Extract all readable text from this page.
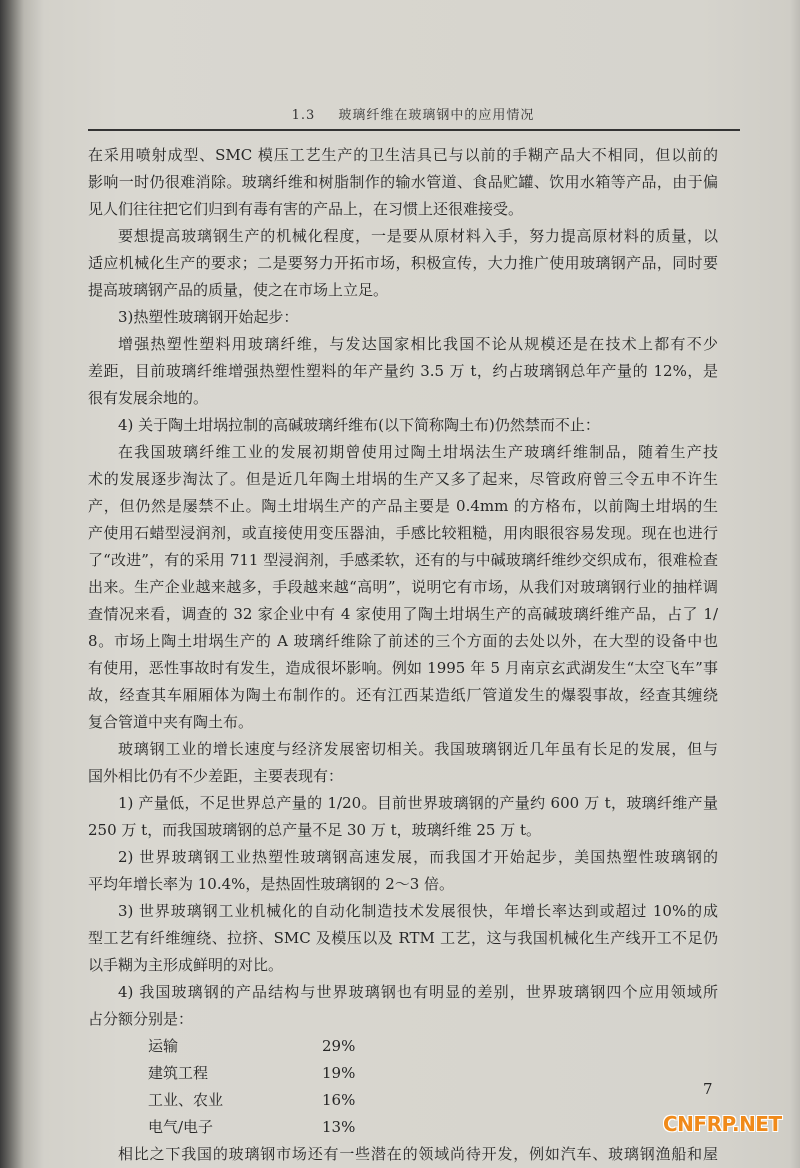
1.3 玻璃纤维在玻璃钢中的应用情况
在采用喷射成型、SMC 模压工艺生产的卫生洁具已与以前的手糊产品大不相同，但以前的
影响一时仍很难消除。玻璃纤维和树脂制作的输水管道、食品贮罐、饮用水箱等产品，由于偏
见人们往往把它们归到有毒有害的产品上，在习惯上还很难接受。
要想提高玻璃钢生产的机械化程度，一是要从原材料入手，努力提高原材料的质量，以
适应机械化生产的要求；二是要努力开拓市场，积极宣传，大力推广使用玻璃钢产品，同时要
提高玻璃钢产品的质量，使之在市场上立足。
3)热塑性玻璃钢开始起步：
增强热塑性塑料用玻璃纤维，与发达国家相比我国不论从规模还是在技术上都有不少
差距，目前玻璃纤维增强热塑性塑料的年产量约 3.5 万 t，约占玻璃钢总年产量的 12%，是
很有发展余地的。
4) 关于陶土坩埚拉制的高碱玻璃纤维布(以下简称陶土布)仍然禁而不止：
在我国玻璃纤维工业的发展初期曾使用过陶土坩埚法生产玻璃纤维制品，随着生产技
术的发展逐步淘汰了。但是近几年陶土坩埚的生产又多了起来，尽管政府曾三令五申不许生
产，但仍然是屡禁不止。陶土坩埚生产的产品主要是 0.4mm 的方格布，以前陶土坩埚的生
产使用石蜡型浸润剂，或直接使用变压器油，手感比较粗糙，用肉眼很容易发现。现在也进行
了“改进”，有的采用 711 型浸润剂，手感柔软，还有的与中碱玻璃纤维纱交织成布，很难检查
出来。生产企业越来越多，手段越来越“高明”，说明它有市场，从我们对玻璃钢行业的抽样调
查情况来看，调查的 32 家企业中有 4 家使用了陶土坩埚生产的高碱玻璃纤维产品，占了 1/
8。市场上陶土坩埚生产的 A 玻璃纤维除了前述的三个方面的去处以外，在大型的设备中也
有使用，恶性事故时有发生，造成很坏影响。例如 1995 年 5 月南京玄武湖发生“太空飞车”事
故，经查其车厢厢体为陶土布制作的。还有江西某造纸厂管道发生的爆裂事故，经查其缠绕
复合管道中夹有陶土布。
玻璃钢工业的增长速度与经济发展密切相关。我国玻璃钢近几年虽有长足的发展，但与
国外相比仍有不少差距，主要表现有：
1) 产量低，不足世界总产量的 1/20。目前世界玻璃钢的产量约 600 万 t，玻璃纤维产量
250 万 t，而我国玻璃钢的总产量不足 30 万 t，玻璃纤维 25 万 t。
2) 世界玻璃钢工业热塑性玻璃钢高速发展，而我国才开始起步，美国热塑性玻璃钢的
平均年增长率为 10.4%，是热固性玻璃钢的 2～3 倍。
3) 世界玻璃钢工业机械化的自动化制造技术发展很快，年增长率达到或超过 10%的成
型工艺有纤维缠绕、拉挤、SMC 及模压以及 RTM 工艺，这与我国机械化生产线开工不足仍
以手糊为主形成鲜明的对比。
4) 我国玻璃钢的产品结构与世界玻璃钢也有明显的差别，世界玻璃钢四个应用领域所
占分额分别是：
运输	29%
建筑工程	19%
工业、农业	16%
电气/电子	13%
相比之下我国的玻璃钢市场还有一些潜在的领域尚待开发，例如汽车、玻璃钢渔船和屋
7
CNFRP.NET
